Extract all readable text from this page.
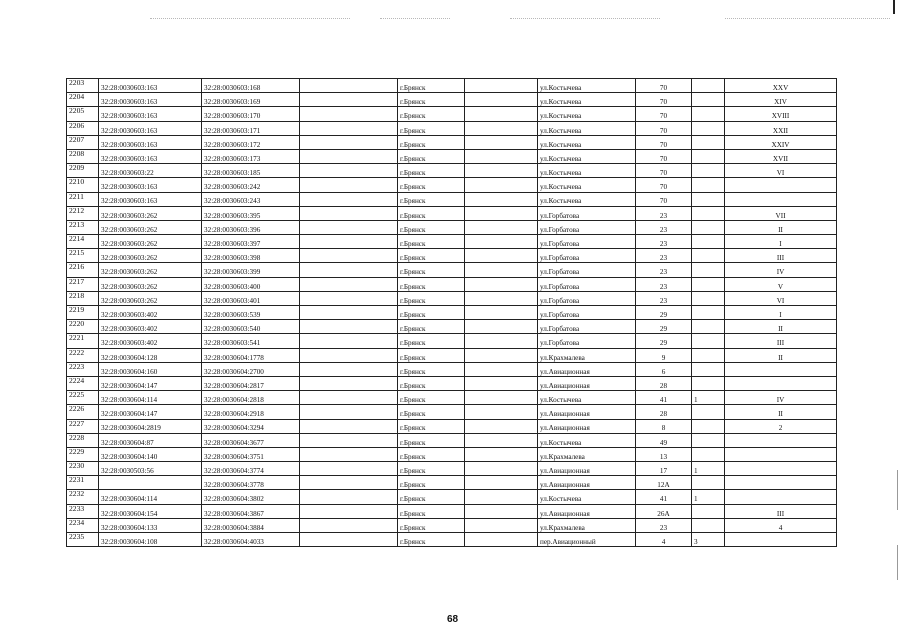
2203	32:28:0030603:163	32:28:0030603:168		г.Брянск		ул.Костычева	70		XXV
2204	32:28:0030603:163	32:28:0030603:169		г.Брянск		ул.Костычева	70		XIV
2205	32:28:0030603:163	32:28:0030603:170		г.Брянск		ул.Костычева	70		XVIII
2206	32:28:0030603:163	32:28:0030603:171		г.Брянск		ул.Костычева	70		XXII
2207	32:28:0030603:163	32:28:0030603:172		г.Брянск		ул.Костычева	70		XXIV
2208	32:28:0030603:163	32:28:0030603:173		г.Брянск		ул.Костычева	70		XVII
2209	32:28:0030603:22	32:28:0030603:185		г.Брянск		ул.Костычева	70		VI
2210	32:28:0030603:163	32:28:0030603:242		г.Брянск		ул.Костычева	70		
2211	32:28:0030603:163	32:28:0030603:243		г.Брянск		ул.Костычева	70		
2212	32:28:0030603:262	32:28:0030603:395		г.Брянск		ул.Горбатова	23		VII
2213	32:28:0030603:262	32:28:0030603:396		г.Брянск		ул.Горбатова	23		II
2214	32:28:0030603:262	32:28:0030603:397		г.Брянск		ул.Горбатова	23		I
2215	32:28:0030603:262	32:28:0030603:398		г.Брянск		ул.Горбатова	23		III
2216	32:28:0030603:262	32:28:0030603:399		г.Брянск		ул.Горбатова	23		IV
2217	32:28:0030603:262	32:28:0030603:400		г.Брянск		ул.Горбатова	23		V
2218	32:28:0030603:262	32:28:0030603:401		г.Брянск		ул.Горбатова	23		VI
2219	32:28:0030603:402	32:28:0030603:539		г.Брянск		ул.Горбатова	29		I
2220	32:28:0030603:402	32:28:0030603:540		г.Брянск		ул.Горбатова	29		II
2221	32:28:0030603:402	32:28:0030603:541		г.Брянск		ул.Горбатова	29		III
2222	32:28:0030604:128	32:28:0030604:1778		г.Брянск		ул.Крахмалева	9		II
2223	32:28:0030604:160	32:28:0030604:2700		г.Брянск		ул.Авиационная	6		
2224	32:28:0030604:147	32:28:0030604:2817		г.Брянск		ул.Авиационная	28		
2225	32:28:0030604:114	32:28:0030604:2818		г.Брянск		ул.Костычева	41	1	IV
2226	32:28:0030604:147	32:28:0030604:2918		г.Брянск		ул.Авиационная	28		II
2227	32:28:0030604:2819	32:28:0030604:3294		г.Брянск		ул.Авиационная	8		2
2228	32:28:0030604:87	32:28:0030604:3677		г.Брянск		ул.Костычева	49		
2229	32:28:0030604:140	32:28:0030604:3751		г.Брянск		ул.Крахмалева	13		
2230	32:28:0030503:56	32:28:0030604:3774		г.Брянск		ул.Авиационная	17	1	
2231		32:28:0030604:3778		г.Брянск		ул.Авиационная	12А		
2232	32:28:0030604:114	32:28:0030604:3802		г.Брянск		ул.Костычева	41	1	
2233	32:28:0030604:154	32:28:0030604:3867		г.Брянск		ул.Авиационная	26А		III
2234	32:28:0030604:133	32:28:0030604:3884		г.Брянск		ул.Крахмалева	23		4
2235	32:28:0030604:108	32:28:0030604:4033		г.Брянск		пер.Авиационный	4	3	
68
